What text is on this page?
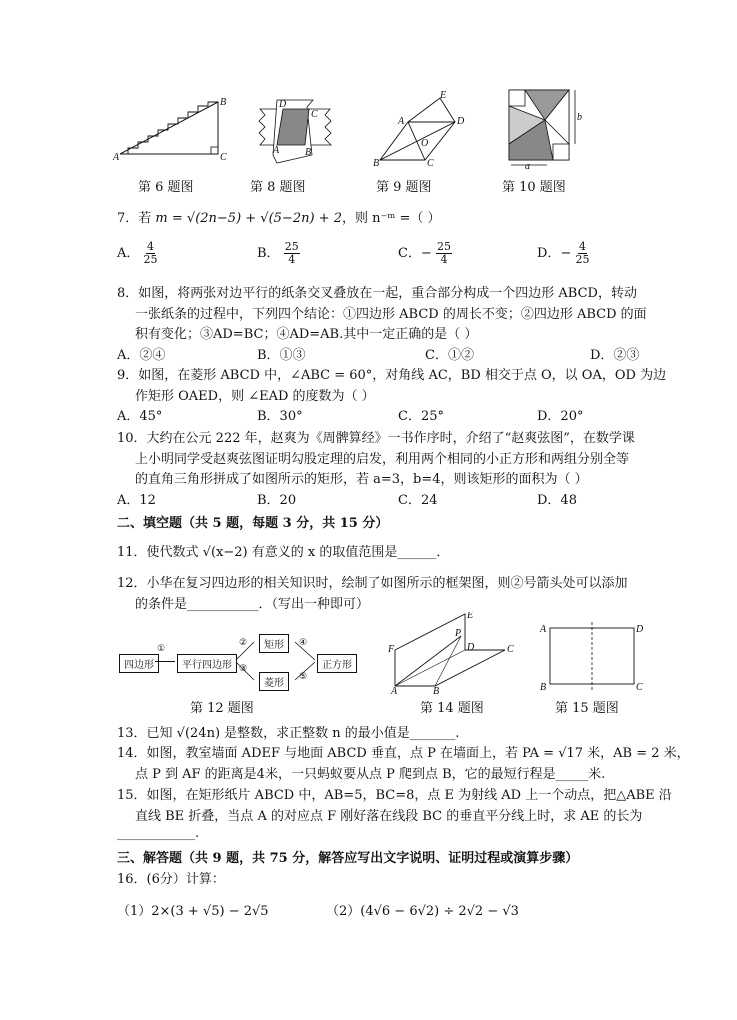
A
B
C
第 6 题图
D
C
A	B
第 8 题图
E
A	D
O
B	C
第 9 题图
b
a
第 10 题图
7．若 m = √(2n−5) + √(5−2n) + 2，则 n⁻ᵐ =（ ）
A． $\frac{4}{25}$	B． $\frac{25}{4}$	C．− $\frac{25}{4}$	D．− $\frac{4}{25}$
8．如图，将两张对边平行的纸条交叉叠放在一起，重合部分构成一个四边形 ABCD，转动
一张纸条的过程中，下列四个结论：①四边形 ABCD 的周长不变；②四边形 ABCD 的面
积有变化；③AD=BC；④AD=AB.其中一定正确的是（ ）
A．②④	B．①③	C．①②	D．②③
9．如图，在菱形 ABCD 中，∠ABC = 60°，对角线 AC，BD 相交于点 O，以 OA，OD 为边
作矩形 OAED，则 ∠EAD 的度数为（ ）
A．45°	B．30°	C．25°	D．20°
10．大约在公元 222 年，赵爽为《周髀算经》一书作序时，介绍了“赵爽弦图”，在数学课
上小明同学受赵爽弦图证明勾股定理的启发，利用两个相同的小正方形和两组分别全等
的直角三角形拼成了如图所示的矩形，若 a=3，b=4，则该矩形的面积为（ ）
A．12	B．20	C．24	D．48
二、填空题（共 5 题，每题 3 分，共 15 分）
11．使代数式 √(x−2) 有意义的 x 的取值范围是______．
12．小华在复习四边形的相关知识时，绘制了如图所示的框架图，则②号箭头处可以添加
的条件是___________．（写出一种即可）
四边形
①
平行四边形
②
③
矩形
菱形
④
⑤
正方形
第 12 题图
E
F
P
D	C
A	B
第 14 题图
A	D
B	C
第 15 题图
13．已知 √(24n) 是整数，求正整数 n 的最小值是_______.
14．如图，教室墙面 ADEF 与地面 ABCD 垂直，点 P 在墙面上，若 PA = √17 米，AB = 2 米，
点 P 到 AF 的距离是4米，一只蚂蚁要从点 P 爬到点 B，它的最短行程是_____米.
15．如图，在矩形纸片 ABCD 中，AB=5，BC=8，点 E 为射线 AD 上一个动点，把△ABE 沿
直线 BE 折叠，当点 A 的对应点 F 刚好落在线段 BC 的垂直平分线上时，求 AE 的长为
____________.
三、解答题（共 9 题，共 75 分，解答应写出文字说明、证明过程或演算步骤）
16．(6分）计算：
（1）2×(3 + √5) − 2√5	（2）(4√6 − 6√2) ÷ 2√2 − √3
